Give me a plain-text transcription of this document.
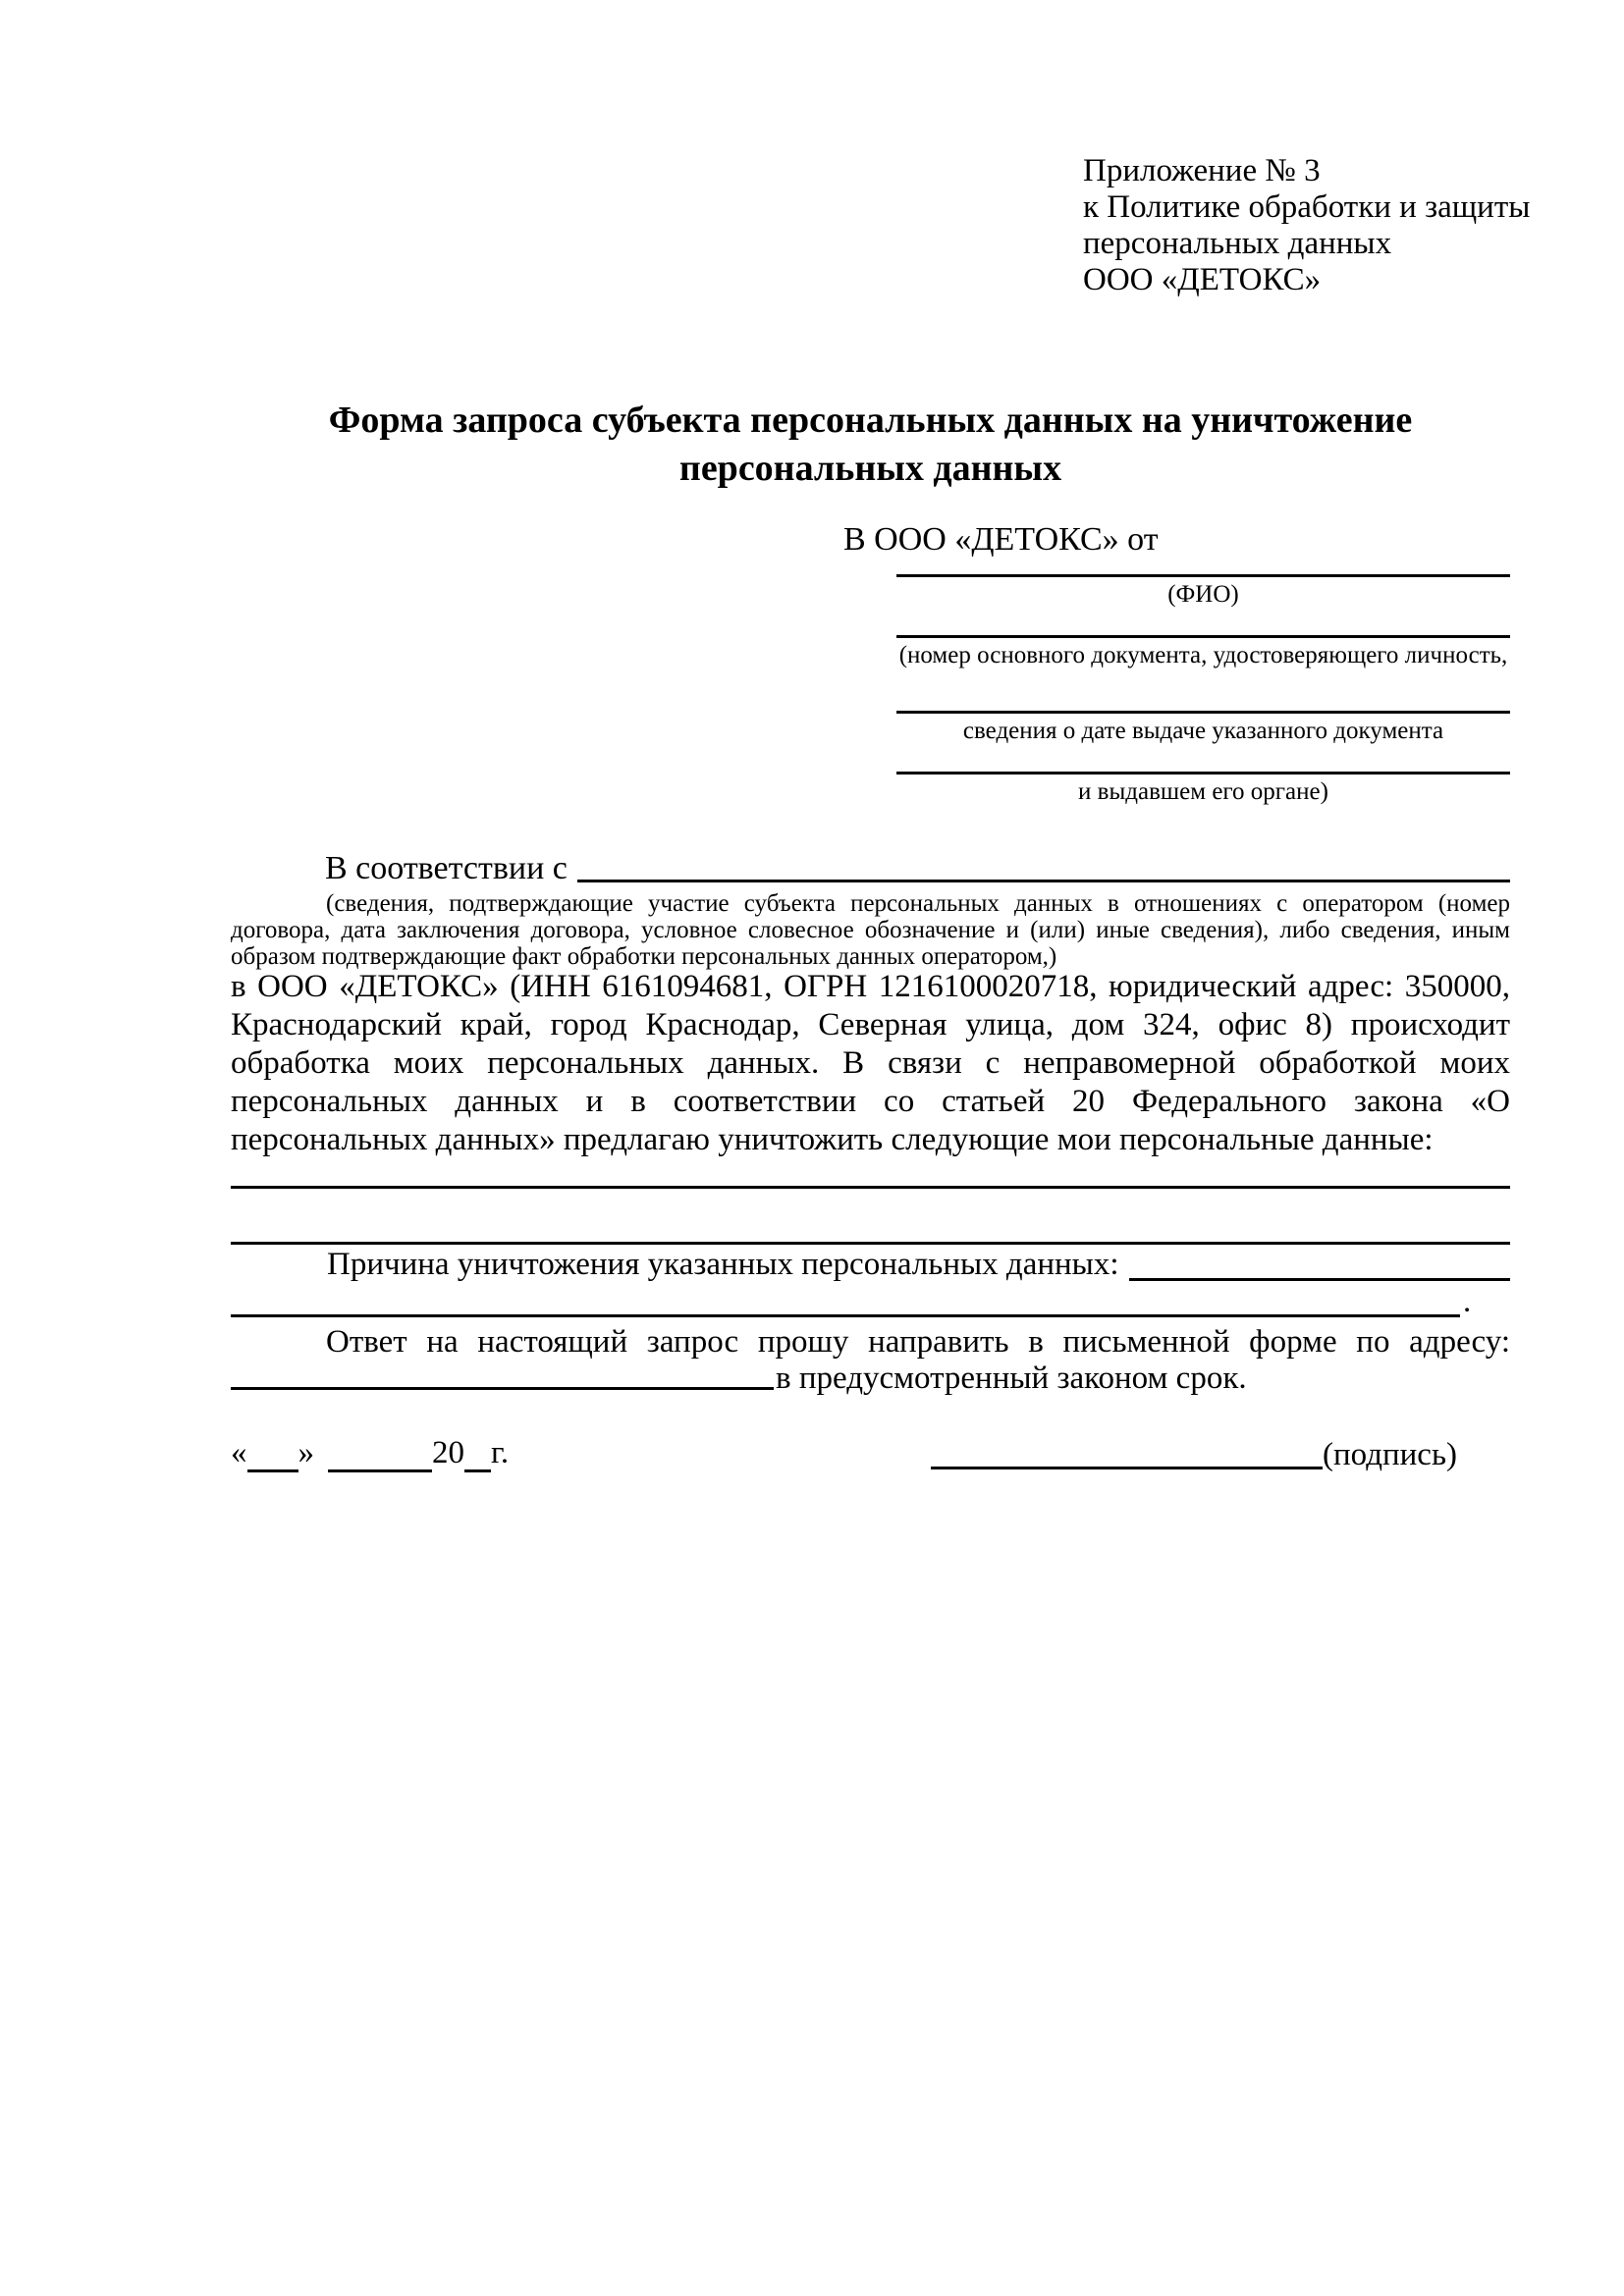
Приложение № 3
к Политике обработки и защиты
персональных данных
ООО «ДЕТОКС»
Форма запроса субъекта персональных данных на уничтожение
персональных данных
В ООО «ДЕТОКС» от
(ФИО)
(номер основного документа, удостоверяющего личность,
сведения о дате выдаче указанного документа
и выдавшем его органе)
В соответствии с
(сведения, подтверждающие участие субъекта персональных данных в отношениях с оператором (номер договора, дата заключения договора, условное словесное обозначение и (или) иные сведения), либо сведения, иным образом подтверждающие факт обработки персональных данных оператором,)
в ООО «ДЕТОКС» (ИНН 6161094681, ОГРН 1216100020718, юридический адрес: 350000, Краснодарский край, город Краснодар, Северная улица, дом 324, офис 8) происходит обработка моих персональных данных. В связи с неправомерной обработкой моих персональных данных и в соответствии со статьей 20 Федерального закона «О персональных данных» предлагаю уничтожить следующие мои персональные данные:
Причина уничтожения указанных персональных данных:
.
Ответ на настоящий запрос прошу направить в письменной форме по адресу:
в предусмотренный законом срок.
« »	20 г.	(подпись)
